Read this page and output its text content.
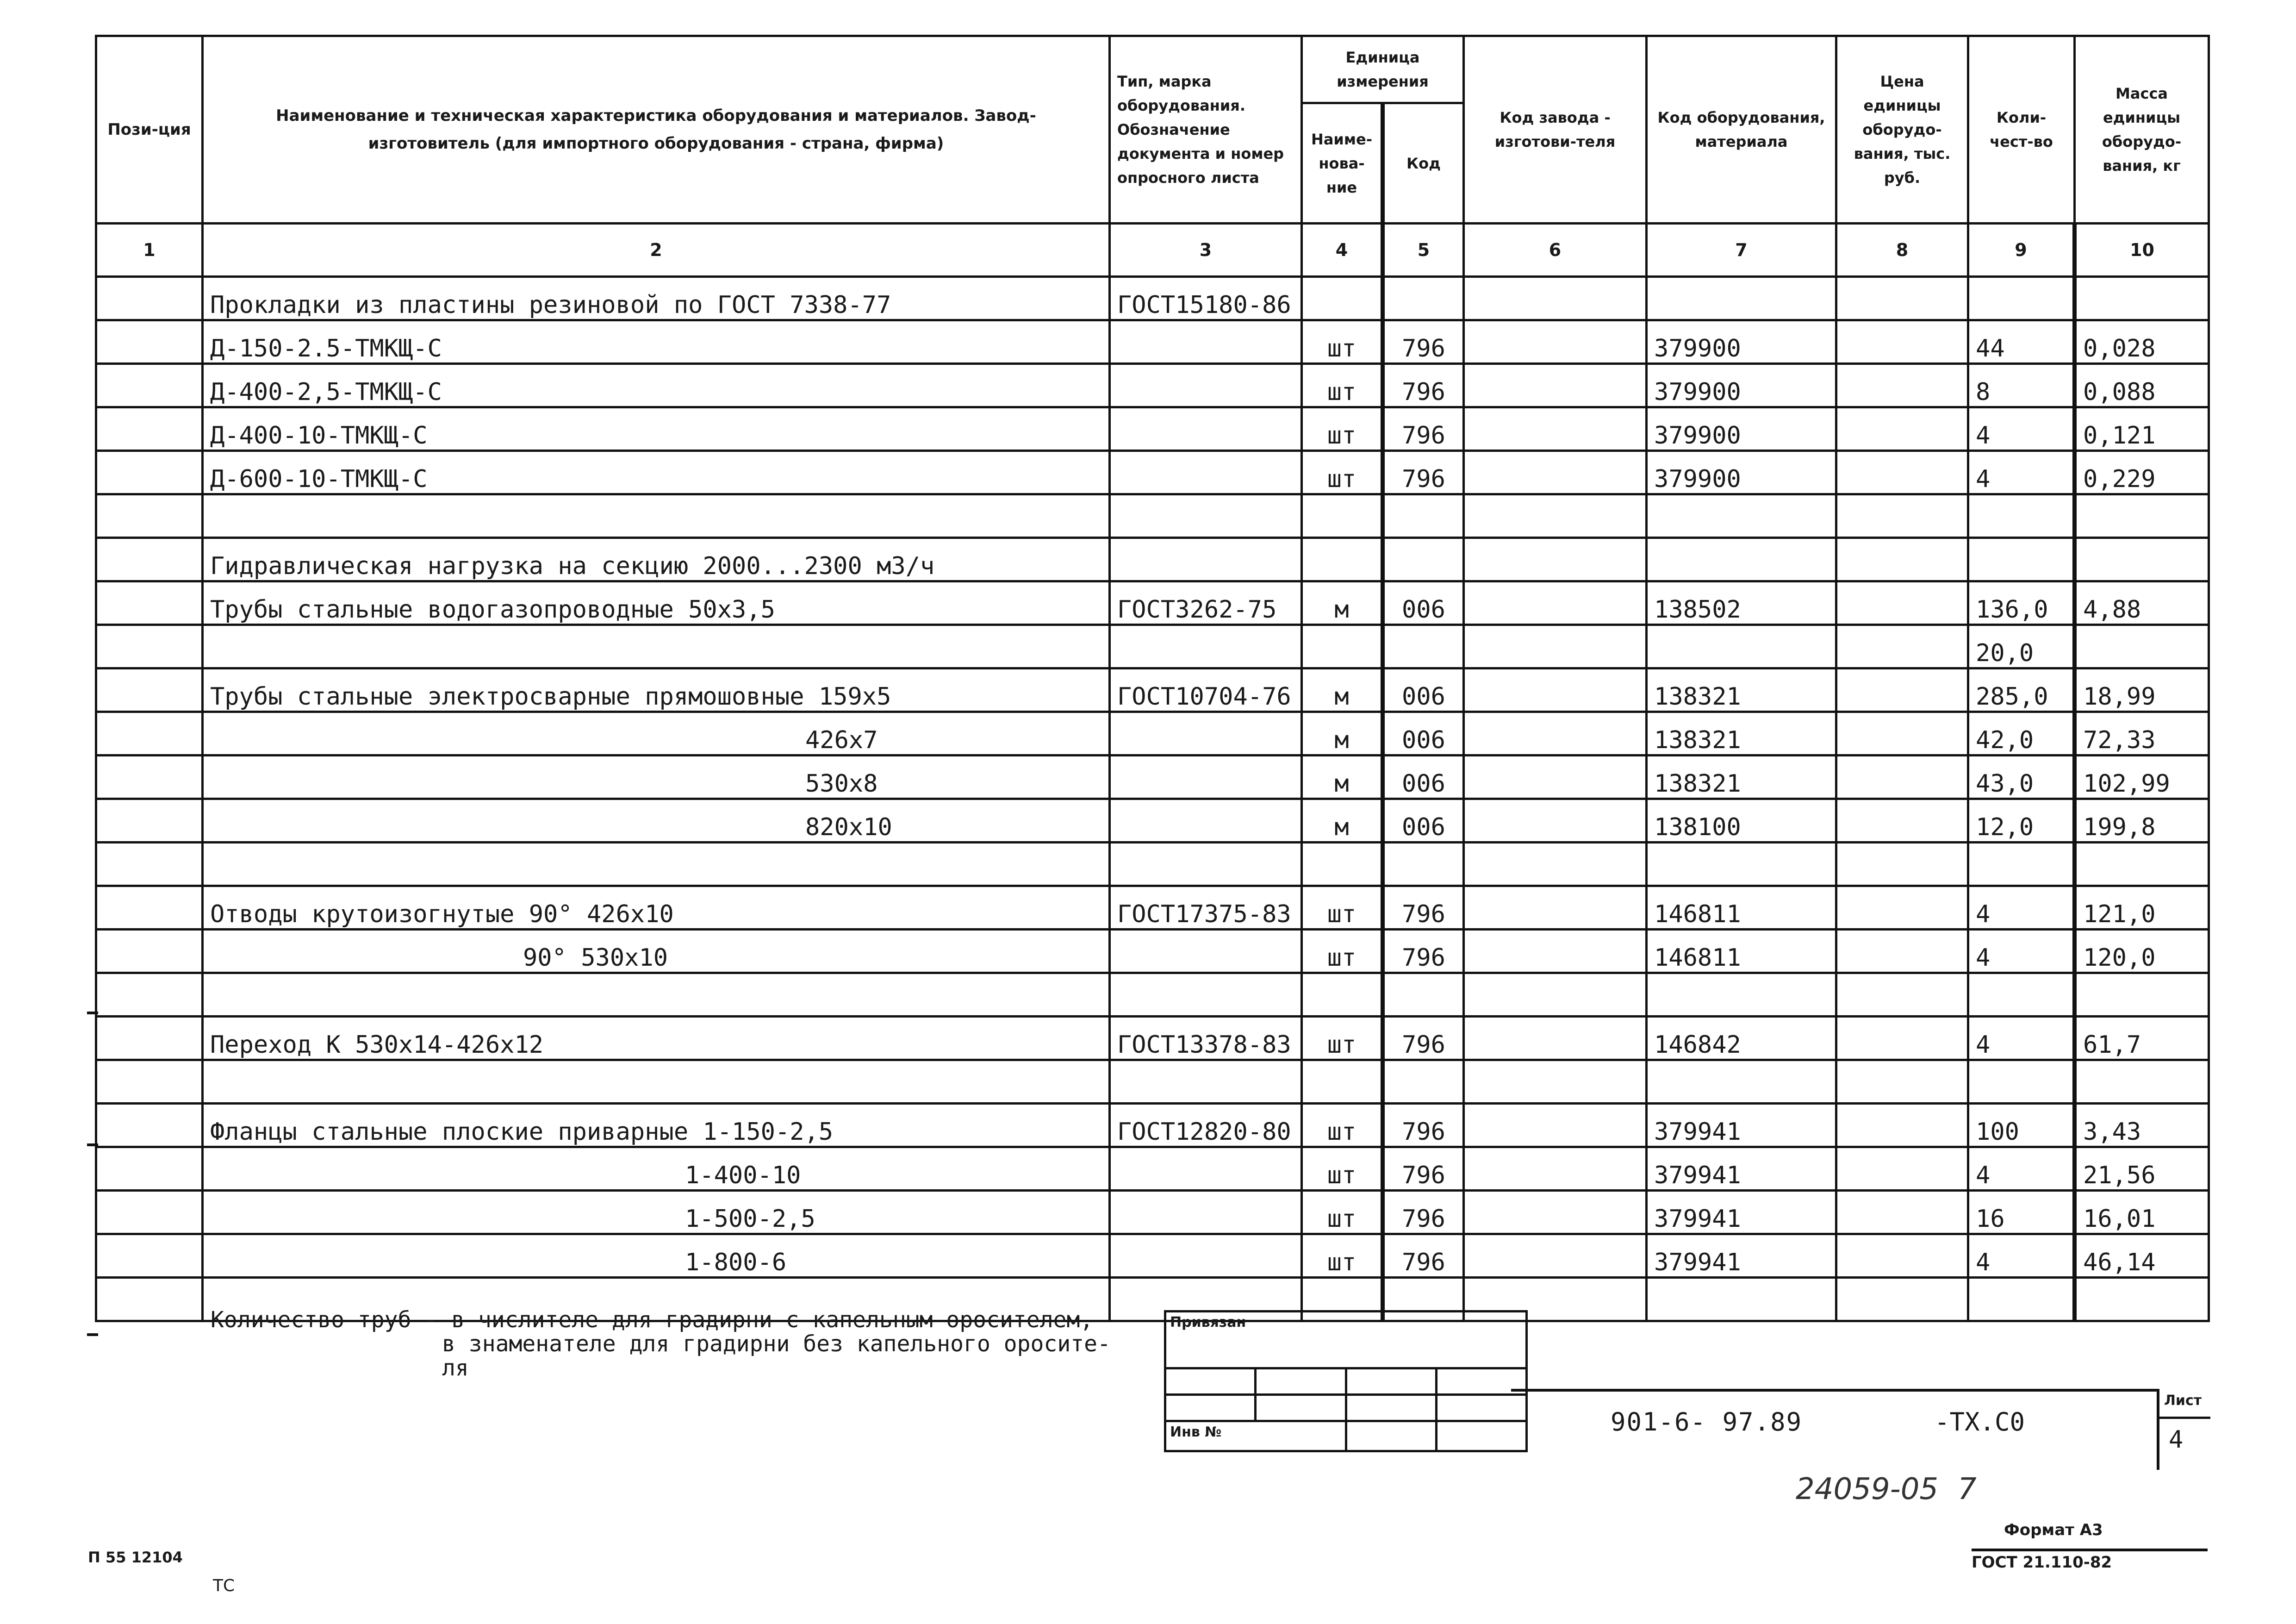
Пози-ция	Наименование и техническая характеристика оборудования и материалов. Завод-изготовитель (для импортного оборудования - страна, фирма)	Тип, марка оборудования. Обозначение документа и номер опросного листа	Единица измерения		Код завода - изготови-теля	Код оборудования, материала	Цена единицы оборудо-вания, тыс. руб.	Коли-чест-во	Масса единицы оборудо-вания, кг
			Наиме-нова-ние	Код					
1	2	3	4	5	6	7	8	9	10
	Прокладки из пластины резиновой по ГОСТ 7338-77	ГОСТ15180-86							
	Д-150-2.5-ТМКЩ-С		шт	796		379900		44	0,028
	Д-400-2,5-ТМКЩ-С		шт	796		379900		8	0,088
	Д-400-10-ТМКЩ-С		шт	796		379900		4	0,121
	Д-600-10-ТМКЩ-С		шт	796		379900		4	0,229

	Гидравлическая нагрузка на секцию 2000...2300 м3/ч								
	Трубы стальные водогазопроводные 50х3,5	ГОСТ3262-75	м	006		138502		136,0	4,88
								20,0	
	Трубы стальные электросварные прямошовные 159х5	ГОСТ10704-76	м	006		138321		285,0	18,99
	426х7		м	006		138321		42,0	72,33
	530х8		м	006		138321		43,0	102,99
	820х10		м	006		138100		12,0	199,8

	Отводы крутоизогнутые 90° 426х10	ГОСТ17375-83	шт	796		146811		4	121,0
	90° 530х10		шт	796		146811		4	120,0

	Переход К 530х14-426х12	ГОСТ13378-83	шт	796		146842		4	61,7

	Фланцы стальные плоские приварные 1-150-2,5	ГОСТ12820-80	шт	796		379941		100	3,43
	1-400-10		шт	796		379941		4	21,56
	1-500-2,5		шт	796		379941		16	16,01
	1-800-6		шт	796		379941		4	46,14

Количество труб - в числителе для градирни с капельным оросителем,
в знаменателе для градирни без капельного оросите-
ля
Привязан			

Инв №				901-6- 97.89	-ТХ.С0
Лист
4
24059-05 7
Формат А3
ГОСТ 21.110-82
П 55 12104
ТС
